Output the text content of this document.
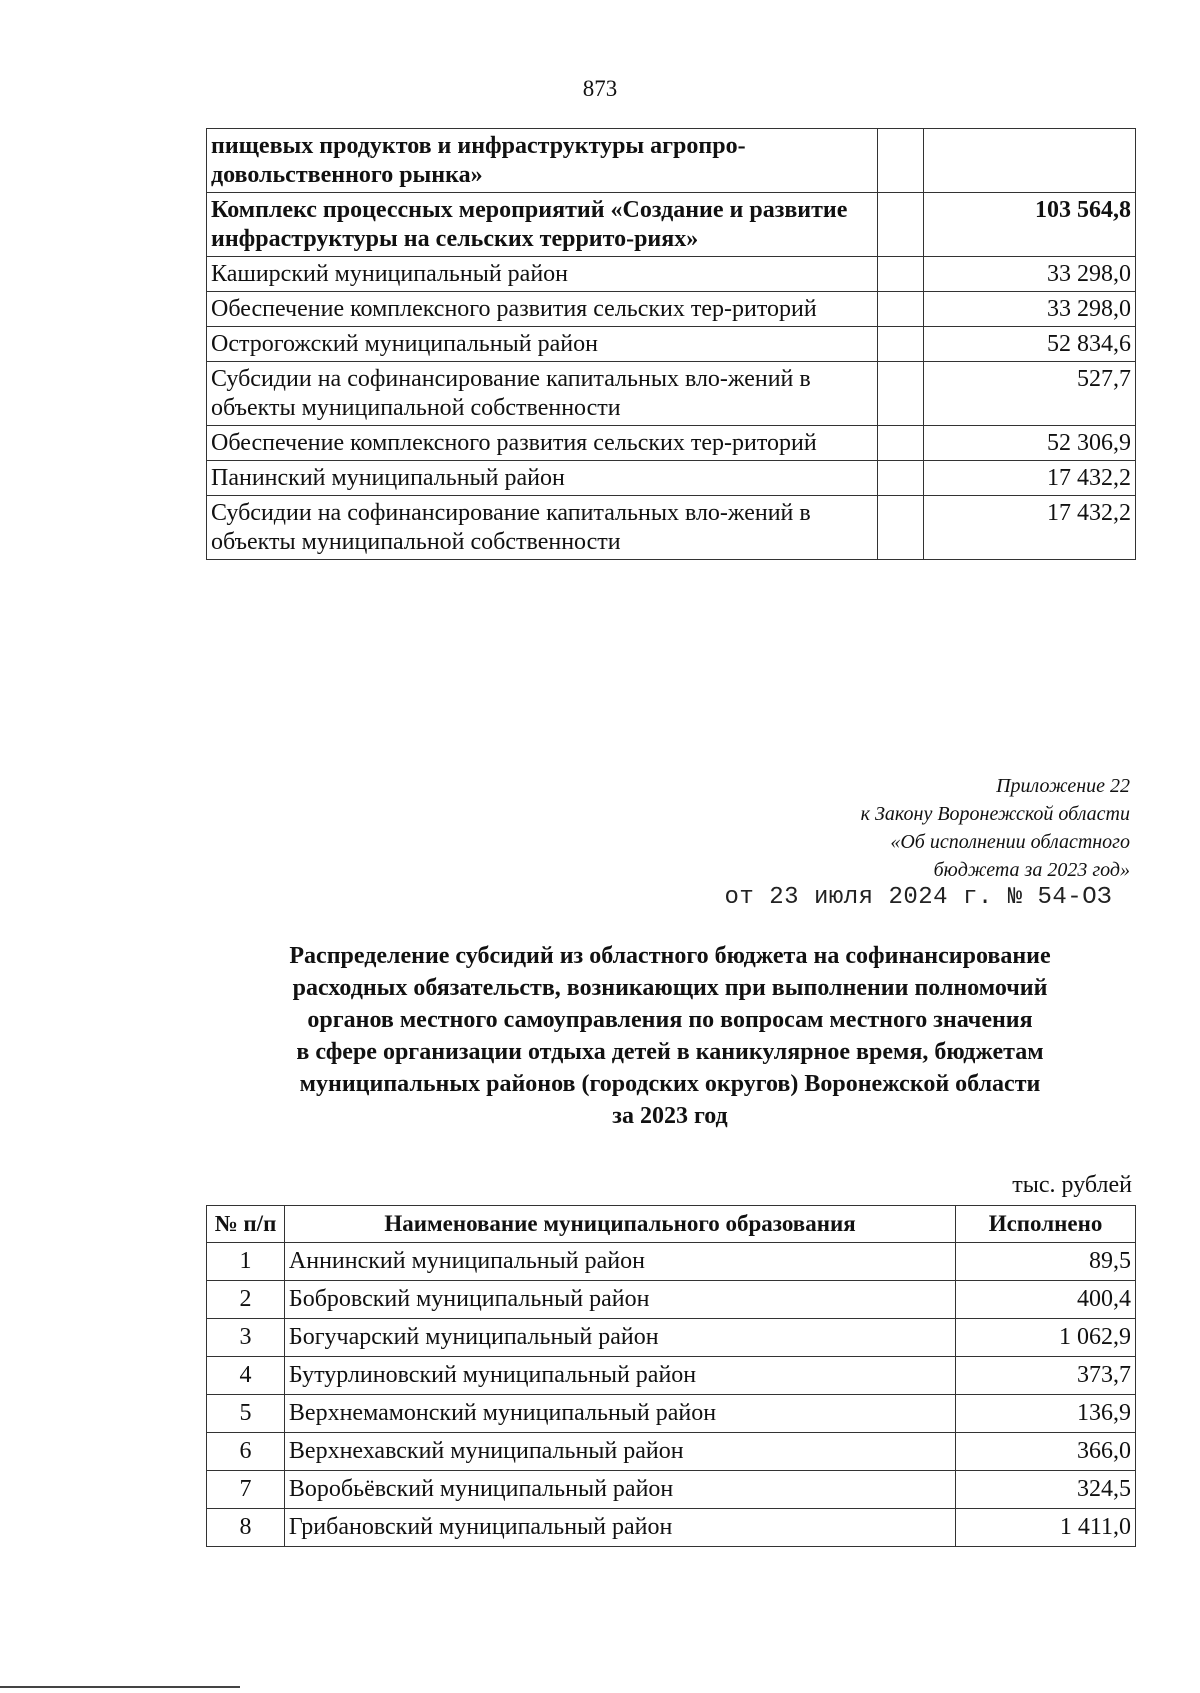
873
пищевых продуктов и инфраструктуры агропро-довольственного рынка»		
Комплекс процессных мероприятий «Создание и развитие инфраструктуры на сельских террито-риях»		103 564,8
Каширский муниципальный район		33 298,0
Обеспечение комплексного развития сельских тер-риторий		33 298,0
Острогожский муниципальный район		52 834,6
Субсидии на софинансирование капитальных вло-жений в объекты муниципальной собственности		527,7
Обеспечение комплексного развития сельских тер-риторий		52 306,9
Панинский муниципальный район		17 432,2
Субсидии на софинансирование капитальных вло-жений в объекты муниципальной собственности		17 432,2
Приложение 22
к Закону Воронежской области
«Об исполнении областного
бюджета за 2023 год»
от 23 июля 2024 г. № 54-ОЗ
Распределение субсидий из областного бюджета на софинансирование
расходных обязательств, возникающих при выполнении полномочий
органов местного самоуправления по вопросам местного значения
в сфере организации отдыха детей в каникулярное время, бюджетам
муниципальных районов (городских округов) Воронежской области
за 2023 год
тыс. рублей
№ п/п	Наименование муниципального образования	Исполнено
1	Аннинский муниципальный район	89,5
2	Бобровский муниципальный район	400,4
3	Богучарский муниципальный район	1 062,9
4	Бутурлиновский муниципальный район	373,7
5	Верхнемамонский муниципальный район	136,9
6	Верхнехавский муниципальный район	366,0
7	Воробьёвский муниципальный район	324,5
8	Грибановский муниципальный район	1 411,0
